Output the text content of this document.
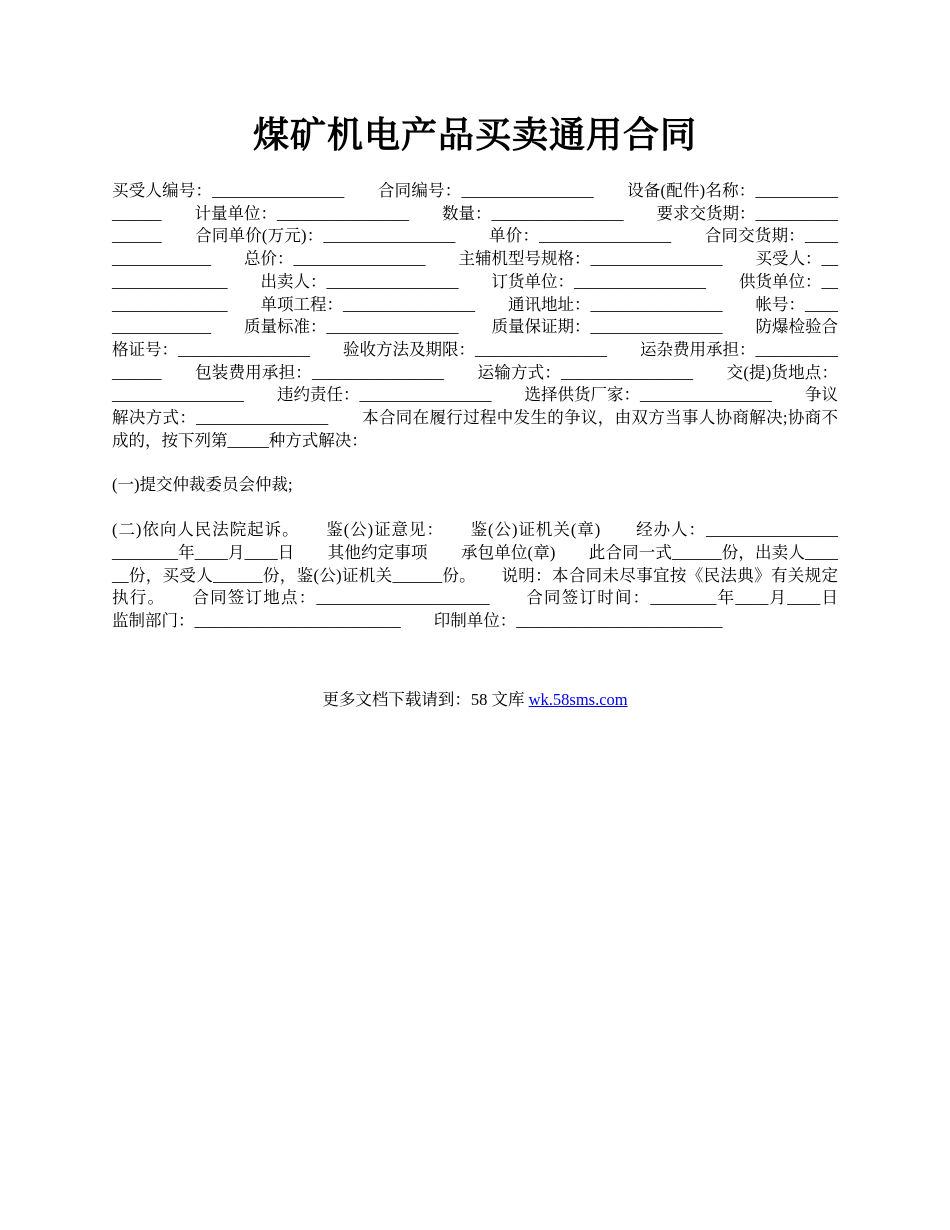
煤矿机电产品买卖通用合同

买受人编号：________________　　合同编号：________________　　设备(配件)名称：________________　　计量单位：________________　　数量：________________　　要求交货期：________________　　合同单价(万元)：________________　　单价：________________　　合同交货期：________________　　总价：________________　　主辅机型号规格：________________　　买受人：________________　　出卖人：________________　　订货单位：________________　　供货单位：________________　　单项工程：________________　　通讯地址：________________　　帐号：________________　　质量标准：________________　　质量保证期：________________　　防爆检验合格证号：________________　　验收方法及期限：________________　　运杂费用承担：________________　　包装费用承担：________________　　运输方式：________________　　交(提)货地点：________________　　违约责任：________________　　选择供货厂家：________________　　争议解决方式：________________　　本合同在履行过程中发生的争议，由双方当事人协商解决;协商不成的，按下列第_____种方式解决：

(一)提交仲裁委员会仲裁;

(二)依向人民法院起诉。　　鉴(公)证意见：　　鉴(公)证机关(章)　　经办人：________________　　________年____月____日　　其他约定事项　　承包单位(章)　　此合同一式______份，出卖人______份，买受人______份，鉴(公)证机关______份。　　说明：本合同未尽事宜按《民法典》有关规定执行。　　合同签订地点：_____________________　　合同签订时间：________年____月____日　　监制部门：_________________________　　印制单位：_________________________

更多文档下载请到：58 文库 wk.58sms.com
